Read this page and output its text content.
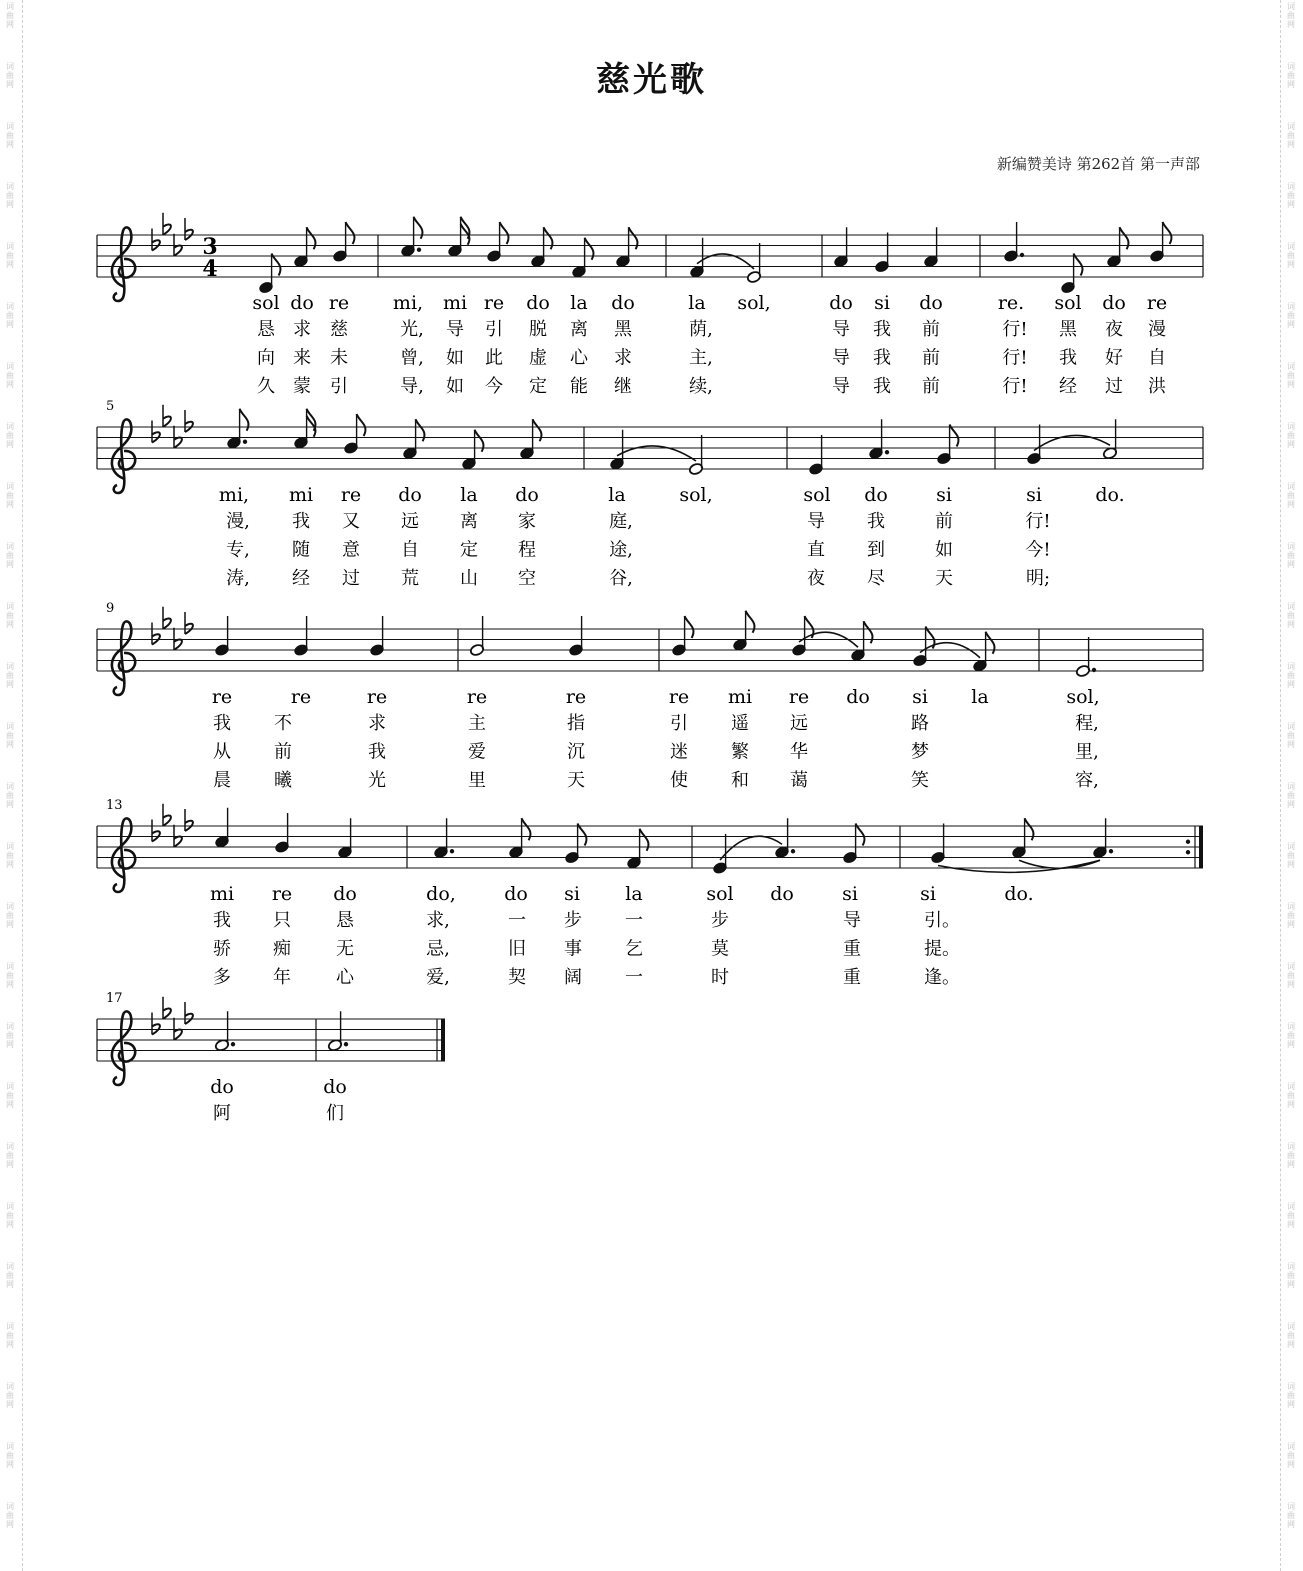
词
曲
网
词
曲
网
词
曲
网
词
曲
网
词
曲
网
词
曲
网
词
曲
网
词
曲
网
词
曲
网
词
曲
网
词
曲
网
词
曲
网
词
曲
网
词
曲
网
词
曲
网
词
曲
网
词
曲
网
词
曲
网
词
曲
网
词
曲
网
词
曲
网
词
曲
网
词
曲
网
词
曲
网
词
曲
网
词
曲
网
词
曲
网
词
曲
网
词
曲
网
词
曲
网
词
曲
网
词
曲
网
词
曲
网
词
曲
网
词
曲
网
词
曲
网
词
曲
网
词
曲
网
词
曲
网
词
曲
网
词
曲
网
词
曲
网
词
曲
网
词
曲
网
词
曲
网
词
曲
网
词
曲
网
词
曲
网
词
曲
网
词
曲
网
词
曲
网
词
曲
网
慈光歌
新编赞美诗 第262首 第一声部
3
4
5
9
13
17
sol do re mi, mi re do la do	la sol,	do si do	re. sol do re
恳 求 慈	光, 导 引 脱 离 黑	荫,	导 我 前	行! 黑 夜 漫
向 来 未	曾, 如 此 虚 心 求	主,	导 我 前	行! 我 好 自
久 蒙 引	导, 如 今 定 能 继	续,	导 我 前	行! 经 过 洪
mi, mi re do la do	la	sol,	sol do	si	si	do.
漫, 我 又 远 离 家	庭,	导 我	前	行!
专, 随 意 自 定 程	途,	直 到	如	今!
涛, 经 过 荒 山 空	谷,	夜 尽	天	明;
re	re	re	re	re	re mi re do si la	sol,
我 不	求	主	指	引 遥 远	路	程,
从 前	我	爱	沉	迷 繁 华	梦	里,
晨 曦	光	里	天	使 和 蔼	笑	容,
mi re do	do,	do si la	sol do	si	si	do.
我 只	恳	求,	一 步 一	步	导	引。
骄 痴	无	忌,	旧 事 乞	莫	重	提。
多 年	心	爱,	契 阔 一	时	重	逢。
do	do
阿	们
